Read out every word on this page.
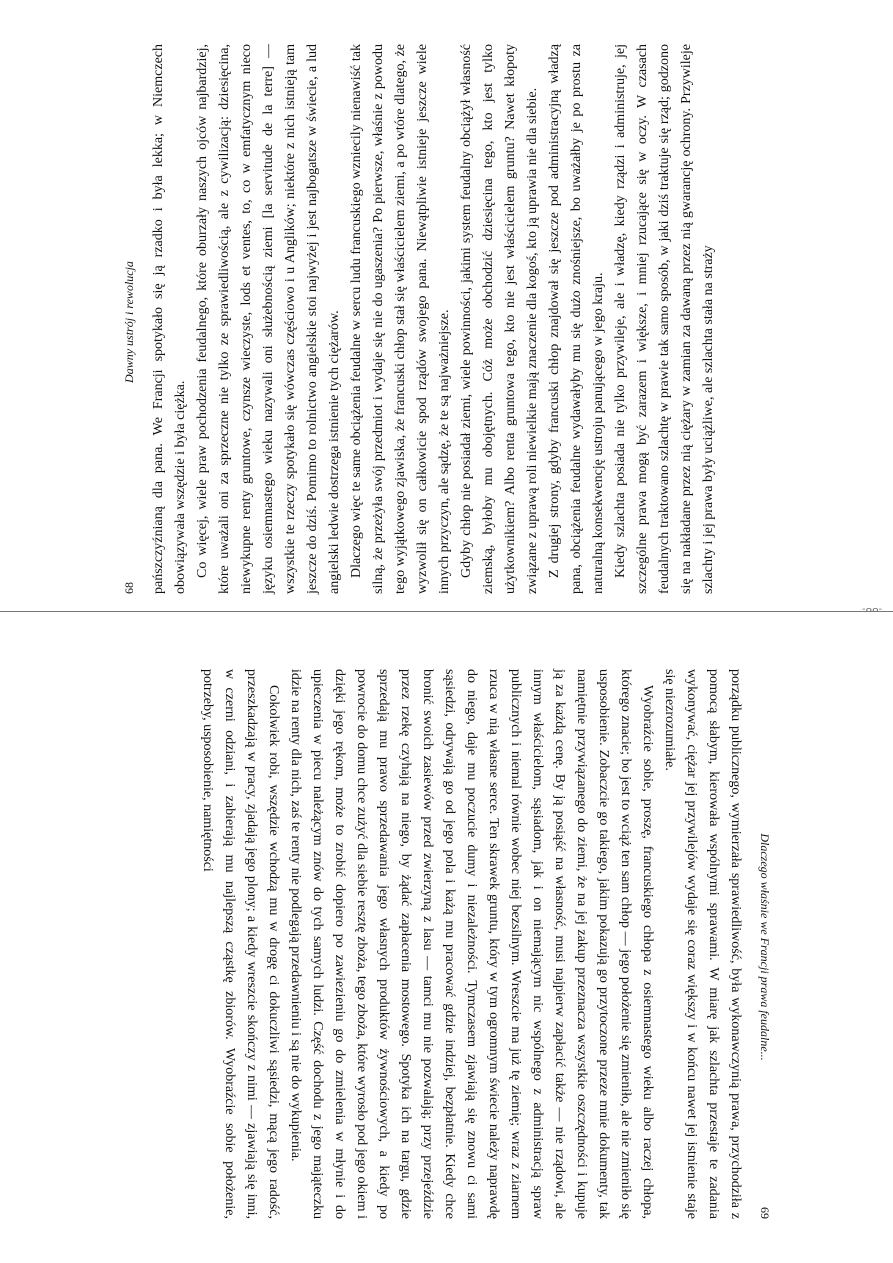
68
Dawny ustrój i rewolucja pańszczyźnianą dla pana. We Francji spotykało się ją rzadko i była lekka; w Niemczech obowiązywała wszędzie i była ciężka. Co więcej, wiele praw pochodzenia feudalnego, które oburzały naszych ojców najbardziej, które uważali oni za sprzeczne nie tylko ze sprawiedliwością, ale z cywilizacją: dziesięcina, niewykupne renty gruntowe, czynsze wieczyste, lods et ventes, to, co w emfatycznym nieco języku osiemnastego wieku nazywali oni służebnością ziemi [la servitude de la terre] — wszystkie te rzeczy spotykało się wówczas częściowo i u Anglików; niektóre z nich istnieją tam jeszcze do dziś. Pomimo to rolnictwo angielskie stoi najwyżej i jest najbogatsze w świecie, a lud angielski ledwie dostrzega istnienie tych ciężarów. Dlaczego więc te same obciążenia feudalne w sercu ludu francuskiego wzniecily nienawiść tak silną, że przeżyła swój przedmiot i wydaje się nie do ugaszenia? Po pierwsze, właśnie z powodu tego wyjątkowego zjawiska, że francuski chłop stał się właścicielem ziemi, a po wtóre dlatego, że wyzwolił się on całkowicie spod rządów swojego pana. Niewątpliwie istnieje jeszcze wiele innych przyczyn, ale sądzę, że te są najważniejsze. Gdyby chłop nie posiadał ziemi, wiele powinności, jakimi system feudalny obciążył własność ziemską, byłoby mu obojętnych. Cóż może obchodzić dziesięcina tego, kto jest tylko użytkownikiem? Albo renta gruntowa tego, kto nie jest właścicielem gruntu? Nawet kłopoty związane z uprawą roli niewielkie mają znaczenie dla kogoś, kto ją uprawia nie dla siebie. Z drugiej strony, gdyby francuski chłop znajdował się jeszcze pod administracyjną władzą pana, obciążenia feudalne wydawałyby mu się dużo znośniejsze, bo uważałby je po prostu za naturalną konsekwencję ustroju panującego w jego kraju. Kiedy szlachta posiada nie tylko przywileje, ale i władzę, kiedy rządzi i administruje, jej szczególne prawa mogą być zarazem i większe, i mniej rzucające się w oczy. W czasach feudalnych traktowano szlachtę w prawie tak samo sposób, w jaki dziś traktuje się rząd; godzono się na nakładane przez nią ciężary w zamian za dawaną przez nią gwarancję ochrony. Przywileje szlachty i jej prawa były uciążliwe, ale szlachta stała na straży

Dlaczego właśnie we Francji prawa feudalne...
69

porządku publicznego, wymierzała sprawiedliwość, była wykonawczynią prawa, przychodziła z pomocą słabym, kierowała wspólnymi sprawami. W miarę jak szlachta przestaje te zadania wykonywać, ciężar jej przywilejów wydaje się coraz większy i w końcu nawet jej istnienie staje się niezrozumiałe.

Wyobraźcie sobie, proszę, francuskiego chłopa z osiemnastego wieku albo raczej chłopa, którego znacie; bo jest to wciąż ten sam chłop — jego położenie się zmieniło, ale nie zmieniło się usposobienie. Zobaczcie go takiego, jakim pokazują go przytoczone przeze mnie dokumenty, tak namiętnie przywiązanego do ziemi, że na jej zakup przeznacza wszystkie oszczędności i kupuje ją za każdą cenę. By ją posiąść na własność, musi najpierw zapłacić także — nie rządowi, ale innym właścicielom, sąsiadom, jak i on niemającym nic wspólnego z administracją spraw publicznych i niemal równie wobec niej bezsilnym. Wreszcie ma już tę ziemię; wraz z ziarnem rzuca w nią własne serce. Ten skrawek gruntu, który w tym ogromnym świecie należy naprawdę do niego, daje mu poczucie dumy i niezależności. Tymczasem zjawiają się znowu ci sami sąsiedzi, odrywają go od jego pola i każą mu pracować gdzie indziej, bezpłatnie. Kiedy chce bronić swoich zasiewów przed zwierzyną z lasu — tamci mu nie pozwalają; przy przejeździe przez rzekę czyhają na niego, by żądać zapłacenia mostowego. Spotyka ich na targu, gdzie sprzedają mu prawo sprzedawania jego własnych produktów żywnościowych, a kiedy po powrocie do domu chce zużyć dla siebie resztę zboża, tego zboża, które wyrosło pod jego okiem i dzięki jego rękom, może to zrobić dopiero po zawiezieniu go do zmielenia w młynie i do upieczenia w piecu należącym znów do tych samych ludzi. Część dochodu z jego mająteczku idzie na renty dla nich, zaś te renty nie podlegają przedawnieniu i są nie do wykupienia.

Cokolwiek robi, wszędzie wchodzą mu w drogę ci dokuczliwi sąsiedzi, mącą jego radość, przeszkadzają w pracy, zjadają jego plony; a kiedy wreszcie skończy z nimi — zjawiają się inni, w czerni odziani, i zabierają mu najlepszą cząstkę zbiorów. Wyobraźcie sobie położenie, potrzeby, usposobienie, namiętności

-ⴰⴰ-
